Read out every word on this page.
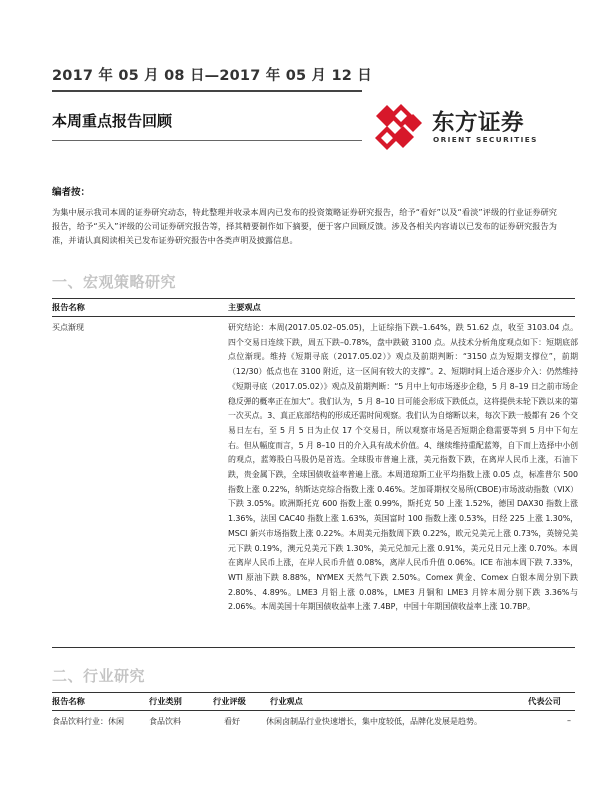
2017 年 05 月 08 日—2017 年 05 月 12 日
本周重点报告回顾	东方证券
ORIENT SECURITIES
编者按：
为集中展示我司本周的证券研究动态，特此整理并收录本周内已发布的投资策略证券研究报告，给予“看好”以及“看淡”评级的行业证券研究报告，给予“买入”评级的公司证券研究报告等，择其精要制作如下摘要，便于客户回顾反馈。涉及各相关内容请以已发布的证券研究报告为准，并请认真阅读相关已发布证券研究报告中各类声明及披露信息。
一、宏观策略研究
报告名称	主要观点
买点渐现	研究结论：本周(2017.05.02–05.05)，上证综指下跌–1.64%，跌 51.62 点，收至 3103.04 点。四个交易日连续下跌，周五下跌–0.78%，盘中跌破 3100 点。从技术分析角度观点如下：短期底部点位渐现。维持《短期寻底（2017.05.02）》观点及前期判断：“3150 点为短期支撑位”，前期（12/30）低点也在 3100 附近，这一区间有较大的支撑”。2、短期时间上适合逐步介入：仍然维持《短期寻底（2017.05.02）》观点及前期判断：“5 月中上旬市场逐步企稳，5 月 8–19 日之前市场企稳反弹的概率正在加大”。我们认为，5 月 8–10 日可能会形成下跌低点，这将提供未轮下跌以来的第一次买点。3、真正底部结构的形成还需时间观察。我们认为自熔断以来，每次下跌一般都有 26 个交易日左右，至 5 月 5 日为止仅 17 个交易日，所以观察市场是否短期企稳需要等到 5 月中下旬左右。但从幅度而言，5 月 8–10 日的介入具有战术价值。4、继续维持重配蓝筹，自下而上选择中小创的观点，蓝筹股白马股仍是首选。全球股市普遍上涨，美元指数下跌，在离岸人民币上涨，石油下跌，贵金属下跌，全球国债收益率普遍上涨。本周道琼斯工业平均指数上涨 0.05 点，标准普尔 500 指数上涨 0.22%，纳斯达克综合指数上涨 0.46%。芝加哥期权交易所(CBOE)市场波动指数（VIX）下跌 3.05%。欧洲斯托克 600 指数上涨 0.99%，斯托克 50 上涨 1.52%，德国 DAX30 指数上涨 1.36%，法国 CAC40 指数上涨 1.63%，英国富时 100 指数上涨 0.53%，日经 225 上涨 1.30%，MSCI 新兴市场指数上涨 0.22%。本周美元指数周下跌 0.22%，欧元兑美元上涨 0.73%，英镑兑美元下跌 0.19%，澳元兑美元下跌 1.30%，美元兑加元上涨 0.91%，美元兑日元上涨 0.70%。本周在离岸人民币上涨，在岸人民币升值 0.08%，离岸人民币升值 0.06%。ICE 布油本周下跌 7.33%，WTI 原油下跌 8.88%，NYMEX 天然气下跌 2.50%。Comex 黄金、Comex 白银本周分别下跌 2.80%、4.89%。LME3 月铝上涨 0.08%，LME3 月铜和 LME3 月锌本周分别下跌 3.36%与 2.06%。本周美国十年期国债收益率上涨 7.4BP，中国十年期国债收益率上涨 10.7BP。
二、行业研究
报告名称	行业类别	行业评级	行业观点	代表公司
食品饮料行业：休闲	食品饮料	看好	休闲卤制品行业快速增长，集中度较低，品牌化发展是趋势。	–
